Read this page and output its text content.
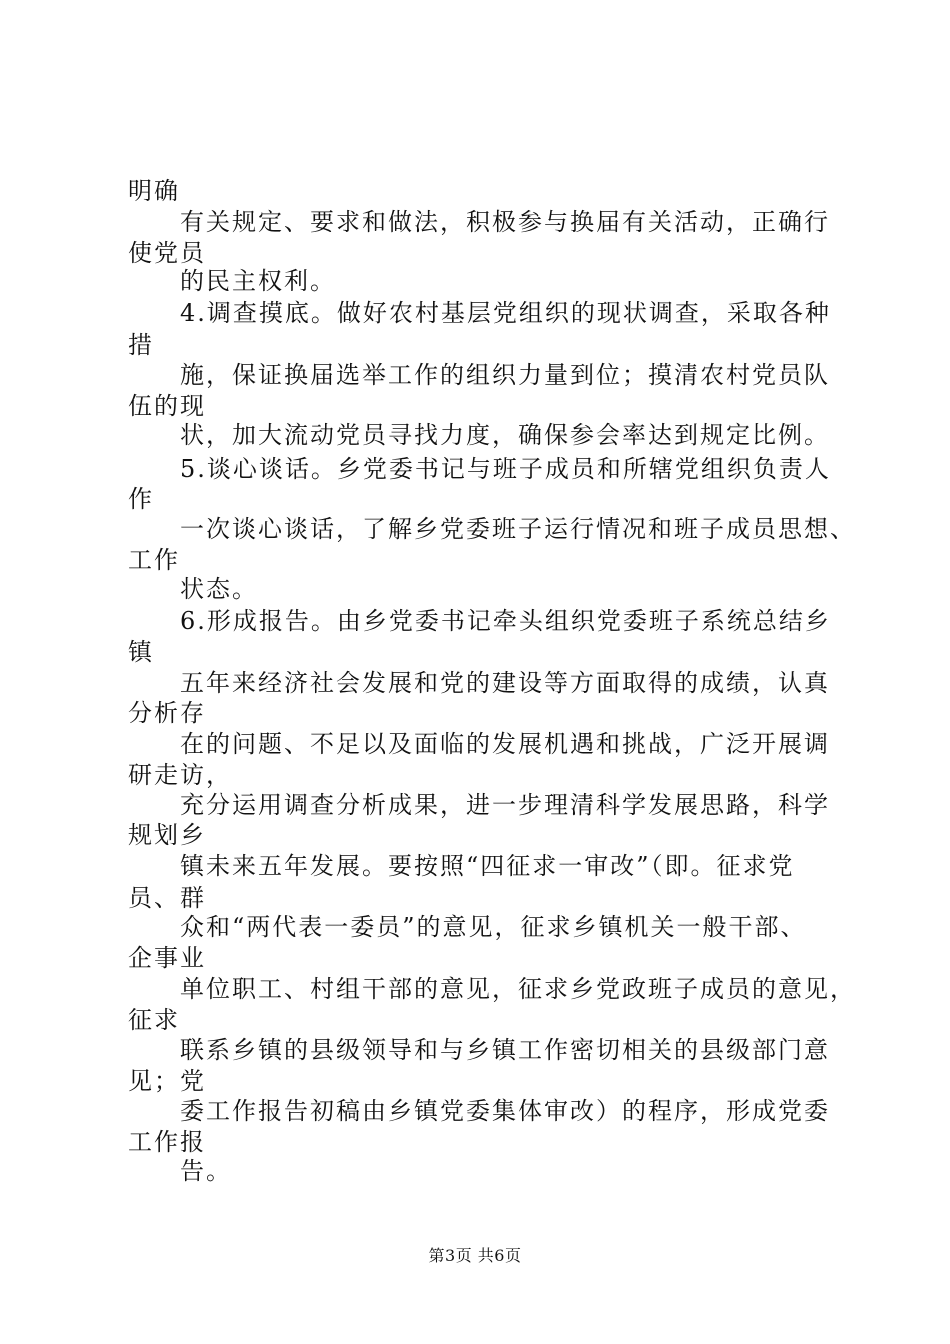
明确
有关规定、要求和做法，积极参与换届有关活动，正确行
使党员
的民主权利。
4.调查摸底。做好农村基层党组织的现状调查，采取各种
措
施，保证换届选举工作的组织力量到位；摸清农村党员队
伍的现
状，加大流动党员寻找力度，确保参会率达到规定比例。
5.谈心谈话。乡党委书记与班子成员和所辖党组织负责人
作
一次谈心谈话，了解乡党委班子运行情况和班子成员思想、
工作
状态。
6.形成报告。由乡党委书记牵头组织党委班子系统总结乡
镇
五年来经济社会发展和党的建设等方面取得的成绩，认真
分析存
在的问题、不足以及面临的发展机遇和挑战，广泛开展调
研走访，
充分运用调查分析成果，进一步理清科学发展思路，科学
规划乡
镇未来五年发展。要按照“四征求一审改”（即。征求党
员、群
众和“两代表一委员”的意见，征求乡镇机关一般干部、
企事业
单位职工、村组干部的意见，征求乡党政班子成员的意见，
征求
联系乡镇的县级领导和与乡镇工作密切相关的县级部门意
见；党
委工作报告初稿由乡镇党委集体审改）的程序，形成党委
工作报
告。
第3页 共6页
